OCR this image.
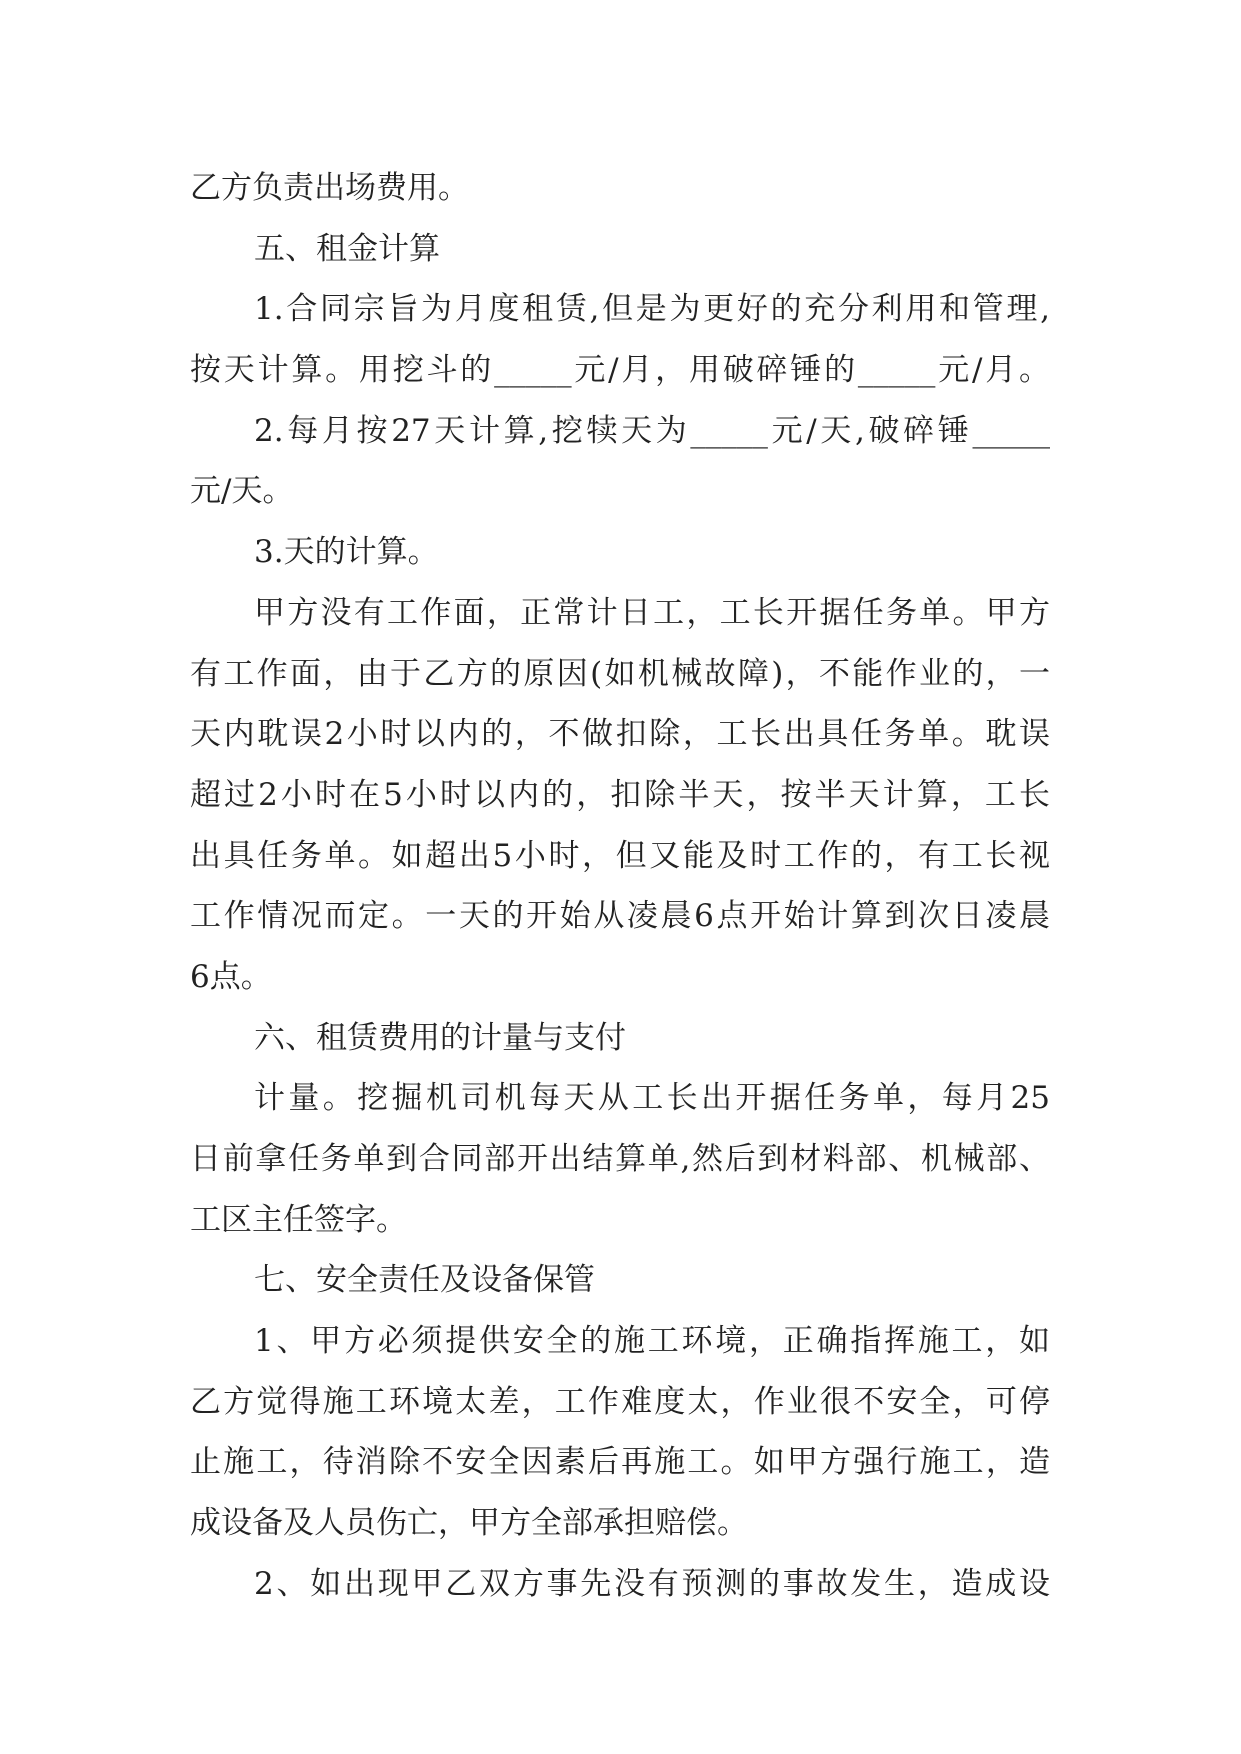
乙方负责出场费用。
五、租金计算
1.合同宗旨为月度租赁,但是为更好的充分利用和管理,
按天计算。用挖斗的_____元/月，用破碎锤的_____元/月。
2.每月按27天计算,挖犊天为_____元/天,破碎锤_____
元/天。
3.天的计算。
甲方没有工作面，正常计日工，工长开据任务单。甲方
有工作面，由于乙方的原因(如机械故障)，不能作业的，一
天内耽误2小时以内的，不做扣除，工长出具任务单。耽误
超过2小时在5小时以内的，扣除半天，按半天计算，工长
出具任务单。如超出5小时，但又能及时工作的，有工长视
工作情况而定。一天的开始从凌晨6点开始计算到次日凌晨
6点。
六、租赁费用的计量与支付
计量。挖掘机司机每天从工长出开据任务单，每月25
日前拿任务单到合同部开出结算单,然后到材料部、机械部、
工区主任签字。
七、安全责任及设备保管
1、甲方必须提供安全的施工环境，正确指挥施工，如
乙方觉得施工环境太差，工作难度太，作业很不安全，可停
止施工，待消除不安全因素后再施工。如甲方强行施工，造
成设备及人员伤亡，甲方全部承担赔偿。
2、如出现甲乙双方事先没有预测的事故发生，造成设
